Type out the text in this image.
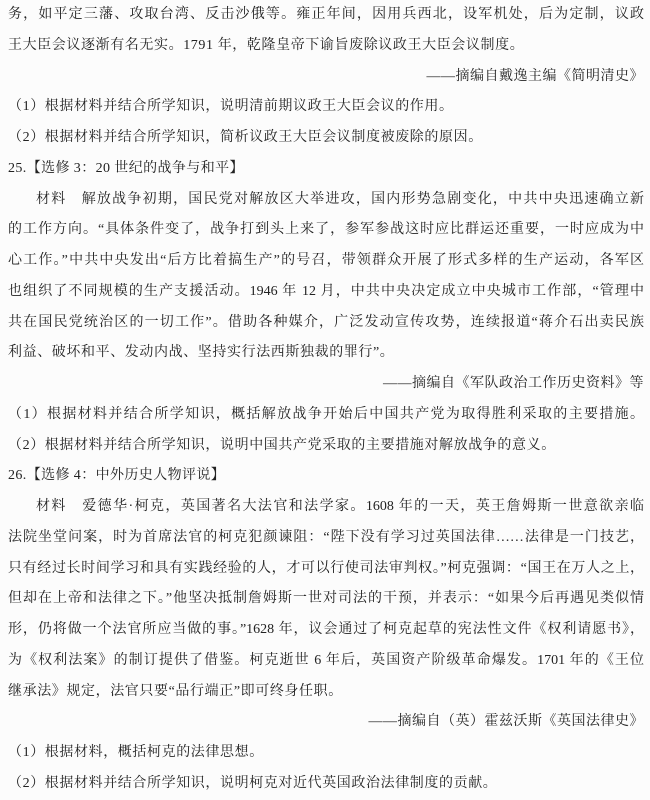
务，如平定三藩、攻取台湾、反击沙俄等。雍正年间，因用兵西北，设军机处，后为定制，议政
王大臣会议逐渐有名无实。1791 年，乾隆皇帝下谕旨废除议政王大臣会议制度。
——摘编自戴逸主编《简明清史》
（1）根据材料并结合所学知识，说明清前期议政王大臣会议的作用。
（2）根据材料并结合所学知识，简析议政王大臣会议制度被废除的原因。
25.【选修 3：20 世纪的战争与和平】
材料　解放战争初期，国民党对解放区大举进攻，国内形势急剧变化，中共中央迅速确立新
的工作方向。“具体条件变了，战争打到头上来了，参军参战这时应比群运还重要，一时应成为中
心工作。”中共中央发出“后方比着搞生产”的号召，带领群众开展了形式多样的生产运动，各军区
也组织了不同规模的生产支援活动。1946 年 12 月，中共中央决定成立中央城市工作部，“管理中
共在国民党统治区的一切工作”。借助各种媒介，广泛发动宣传攻势，连续报道“蒋介石出卖民族
利益、破坏和平、发动内战、坚持实行法西斯独裁的罪行”。
——摘编自《军队政治工作历史资料》等
（1）根据材料并结合所学知识，概括解放战争开始后中国共产党为取得胜利采取的主要措施。
（2）根据材料并结合所学知识，说明中国共产党采取的主要措施对解放战争的意义。
26.【选修 4：中外历史人物评说】
材料　爱德华·柯克，英国著名大法官和法学家。1608 年的一天，英王詹姆斯一世意欲亲临
法院坐堂问案，时为首席法官的柯克犯颜谏阻：“陛下没有学习过英国法律……法律是一门技艺，
只有经过长时间学习和具有实践经验的人，才可以行使司法审判权。”柯克强调：“国王在万人之上，
但却在上帝和法律之下。”他坚决抵制詹姆斯一世对司法的干预，并表示：“如果今后再遇见类似情
形，仍将做一个法官所应当做的事。”1628 年，议会通过了柯克起草的宪法性文件《权利请愿书》，
为《权利法案》的制订提供了借鉴。柯克逝世 6 年后，英国资产阶级革命爆发。1701 年的《王位
继承法》规定，法官只要“品行端正”即可终身任职。
——摘编自（英）霍兹沃斯《英国法律史》
（1）根据材料，概括柯克的法律思想。
（2）根据材料并结合所学知识，说明柯克对近代英国政治法律制度的贡献。
